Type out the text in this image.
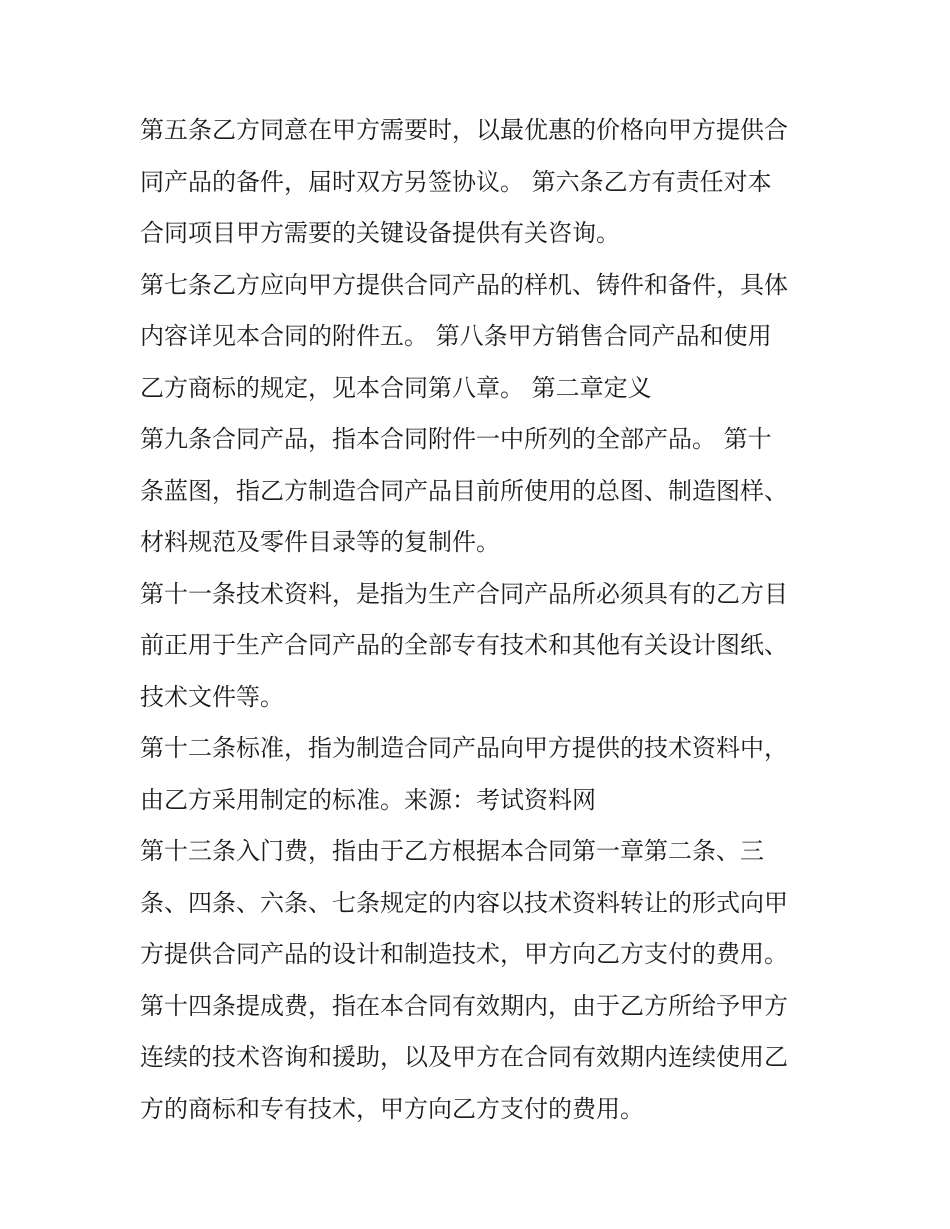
第五条乙方同意在甲方需要时，以最优惠的价格向甲方提供合
同产品的备件，届时双方另签协议。 第六条乙方有责任对本
合同项目甲方需要的关键设备提供有关咨询。
第七条乙方应向甲方提供合同产品的样机、铸件和备件，具体
内容详见本合同的附件五。 第八条甲方销售合同产品和使用
乙方商标的规定，见本合同第八章。 第二章定义
第九条合同产品，指本合同附件一中所列的全部产品。 第十
条蓝图，指乙方制造合同产品目前所使用的总图、制造图样、
材料规范及零件目录等的复制件。
第十一条技术资料，是指为生产合同产品所必须具有的乙方目
前正用于生产合同产品的全部专有技术和其他有关设计图纸、
技术文件等。
第十二条标准，指为制造合同产品向甲方提供的技术资料中，
由乙方采用制定的标准。来源：考试资料网
第十三条入门费，指由于乙方根据本合同第一章第二条、三
条、四条、六条、七条规定的内容以技术资料转让的形式向甲
方提供合同产品的设计和制造技术，甲方向乙方支付的费用。
第十四条提成费，指在本合同有效期内，由于乙方所给予甲方
连续的技术咨询和援助，以及甲方在合同有效期内连续使用乙
方的商标和专有技术，甲方向乙方支付的费用。
